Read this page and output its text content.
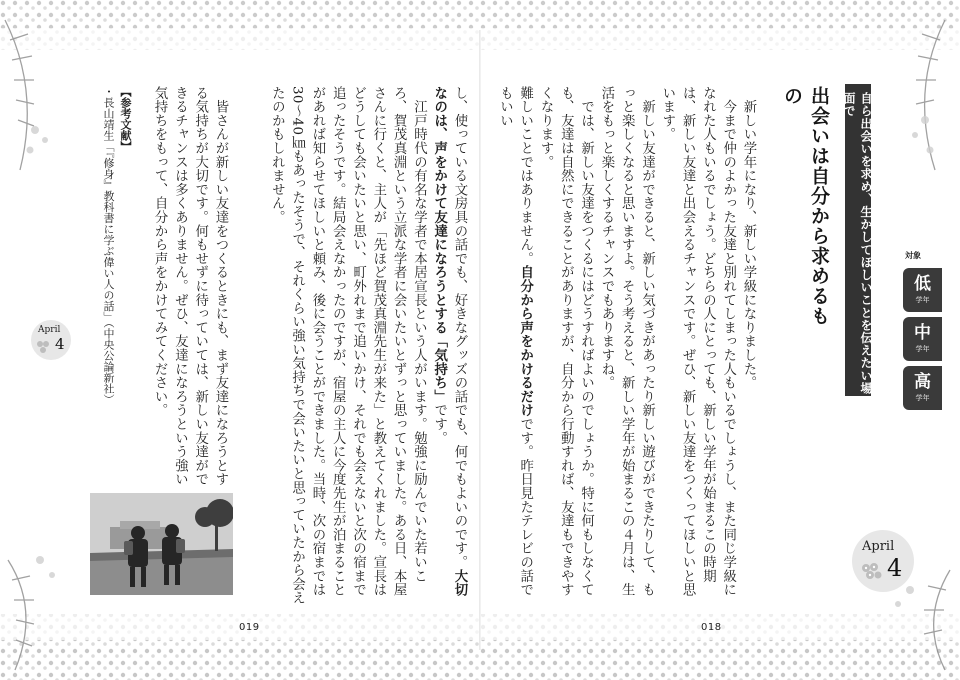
自ら出会いを求め、生かしてほしいことを伝えたい場面で
出会いは自分から求めるもの
対象
低
学年
中
学年
高
学年
　新しい学年になり、新しい学級になりました。
　今まで仲のよかった友達と別れてしまった人もいるでしょうし、また同じ学級になれた人もいるでしょう。どちらの人にとっても、新しい学年が始まるこの時期は、新しい友達と出会えるチャンスです。ぜひ、新しい友達をつくってほしいと思います。
　新しい友達ができると、新しい気づきがあったり新しい遊びができたりして、もっと楽しくなると思いますよ。そう考えると、新しい学年が始まるこの４月は、生活をもっと楽しくするチャンスでもありますね。
　では、新しい友達をつくるにはどうすればよいのでしょうか。特に何もしなくても、友達は自然にできることがありますが、自分から行動すれば、友達もできやすくなります。
難しいことではありません。自分から声をかけるだけです。昨日見たテレビの話でもいい
April
4
018
し、使っている文房具の話でも、好きなグッズの話でも、何でもよいのです。大切なのは、声をかけて友達になろうとする「気持ち」です。
　江戸時代の有名な学者で本居宣長という人がいます。勉強に励んでいた若いころ、賀茂真淵という立派な学者に会いたいとずっと思っていました。ある日、本屋さんに行くと、主人が「先ほど賀茂真淵先生が来た」と教えてくれました。宣長はどうしても会いたいと思い、町外れまで追いかけ、それでも会えないと次の宿まで追ったそうです。結局会えなかったのですが、宿屋の主人に今度先生が泊まることがあれば知らせてほしいと頼み、後に会うことができました。当時、次の宿までは30〜40㎞もあったそうで、それくらい強い気持ちで会いたいと思っていたから会えたのかもしれません。
　皆さんが新しい友達をつくるときにも、まず友達になろうとする気持ちが大切です。何もせずに待っていては、新しい友達ができるチャンスは多くありません。ぜひ、友達になろうという強い気持ちをもって、自分から声をかけてみてください。
【参考文献】
・長山靖生「『修身』教科書に学ぶ偉い人の話」（中央公論新社）
April
4
019
